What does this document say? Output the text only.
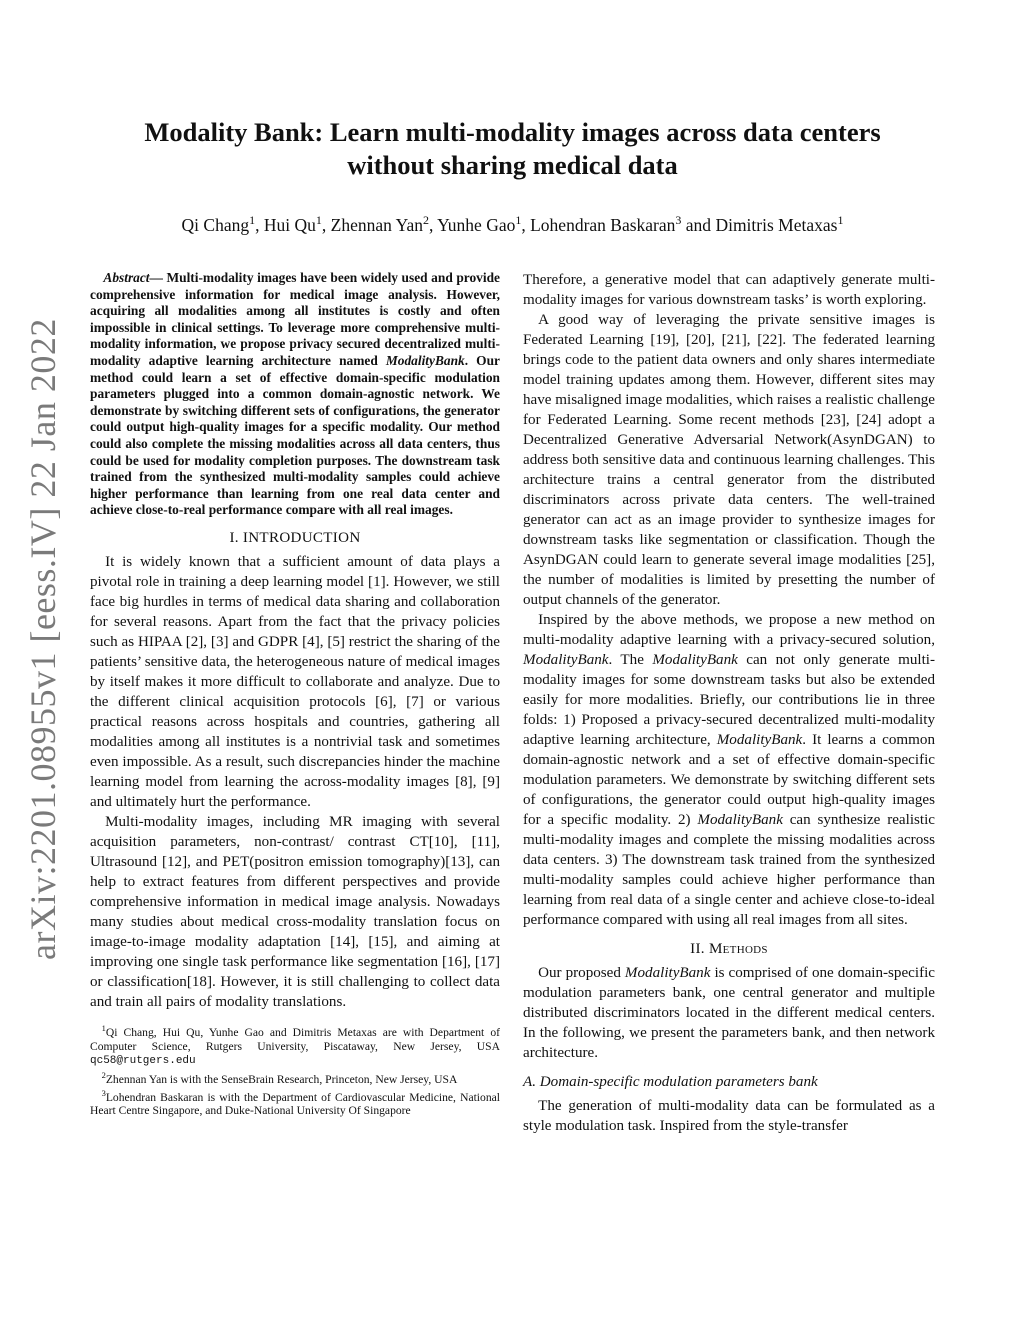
arXiv:2201.08955v1 [eess.IV] 22 Jan 2022
Modality Bank: Learn multi-modality images across data centers
without sharing medical data
Qi Chang$^1$, Hui Qu$^1$, Zhennan Yan$^2$, Yunhe Gao$^1$, Lohendran Baskaran$^3$ and Dimitris Metaxas$^1$

Abstract— Multi-modality images have been widely used and provide comprehensive information for medical image analysis. However, acquiring all modalities among all institutes is costly and often impossible in clinical settings. To leverage more comprehensive multi-modality information, we propose privacy secured decentralized multi-modality adaptive learning architecture named ModalityBank. Our method could learn a set of effective domain-specific modulation parameters plugged into a common domain-agnostic network. We demonstrate by switching different sets of configurations, the generator could output high-quality images for a specific modality. Our method could also complete the missing modalities across all data centers, thus could be used for modality completion purposes. The downstream task trained from the synthesized multi-modality samples could achieve higher performance than learning from one real data center and achieve close-to-real performance compare with all real images.

I. INTRODUCTION

It is widely known that a sufficient amount of data plays a pivotal role in training a deep learning model [1]. However, we still face big hurdles in terms of medical data sharing and collaboration for several reasons. Apart from the fact that the privacy policies such as HIPAA [2], [3] and GDPR [4], [5] restrict the sharing of the patients’ sensitive data, the heterogeneous nature of medical images by itself makes it more difficult to collaborate and analyze. Due to the different clinical acquisition protocols [6], [7] or various practical reasons across hospitals and countries, gathering all modalities among all institutes is a nontrivial task and sometimes even impossible. As a result, such discrepancies hinder the machine learning model from learning the across-modality images [8], [9] and ultimately hurt the performance.

Multi-modality images, including MR imaging with several acquisition parameters, non-contrast/ contrast CT[10], [11], Ultrasound [12], and PET(positron emission tomography)[13], can help to extract features from different perspectives and provide comprehensive information in medical image analysis. Nowadays many studies about medical cross-modality translation focus on image-to-image modality adaptation [14], [15], and aiming at improving one single task performance like segmentation [16], [17] or classification[18]. However, it is still challenging to collect data and train all pairs of modality translations.

$^1$Qi Chang, Hui Qu, Yunhe Gao and Dimitris Metaxas are with Department of Computer Science, Rutgers University, Piscataway, New Jersey, USA qc58@rutgers.edu

$^2$Zhennan Yan is with the SenseBrain Research, Princeton, New Jersey, USA

$^3$Lohendran Baskaran is with the Department of Cardiovascular Medicine, National Heart Centre Singapore, and Duke-National University Of Singapore

Therefore, a generative model that can adaptively generate multi-modality images for various downstream tasks’ is worth exploring.

A good way of leveraging the private sensitive images is Federated Learning [19], [20], [21], [22]. The federated learning brings code to the patient data owners and only shares intermediate model training updates among them. However, different sites may have misaligned image modalities, which raises a realistic challenge for Federated Learning. Some recent methods [23], [24] adopt a Decentralized Generative Adversarial Network(AsynDGAN) to address both sensitive data and continuous learning challenges. This architecture trains a central generator from the distributed discriminators across private data centers. The well-trained generator can act as an image provider to synthesize images for downstream tasks like segmentation or classification. Though the AsynDGAN could learn to generate several image modalities [25], the number of modalities is limited by presetting the number of output channels of the generator.

Inspired by the above methods, we propose a new method on multi-modality adaptive learning with a privacy-secured solution, ModalityBank. The ModalityBank can not only generate multi-modality images for some downstream tasks but also be extended easily for more modalities. Briefly, our contributions lie in three folds: 1) Proposed a privacy-secured decentralized multi-modality adaptive learning architecture, ModalityBank. It learns a common domain-agnostic network and a set of effective domain-specific modulation parameters. We demonstrate by switching different sets of configurations, the generator could output high-quality images for a specific modality. 2) ModalityBank can synthesize realistic multi-modality images and complete the missing modalities across data centers. 3) The downstream task trained from the synthesized multi-modality samples could achieve higher performance than learning from real data of a single center and achieve close-to-ideal performance compared with using all real images from all sites.

II. Methods

Our proposed ModalityBank is comprised of one domain-specific modulation parameters bank, one central generator and multiple distributed discriminators located in the different medical centers. In the following, we present the parameters bank, and then network architecture.

A. Domain-specific modulation parameters bank

The generation of multi-modality data can be formulated as a style modulation task. Inspired from the style-transfer
